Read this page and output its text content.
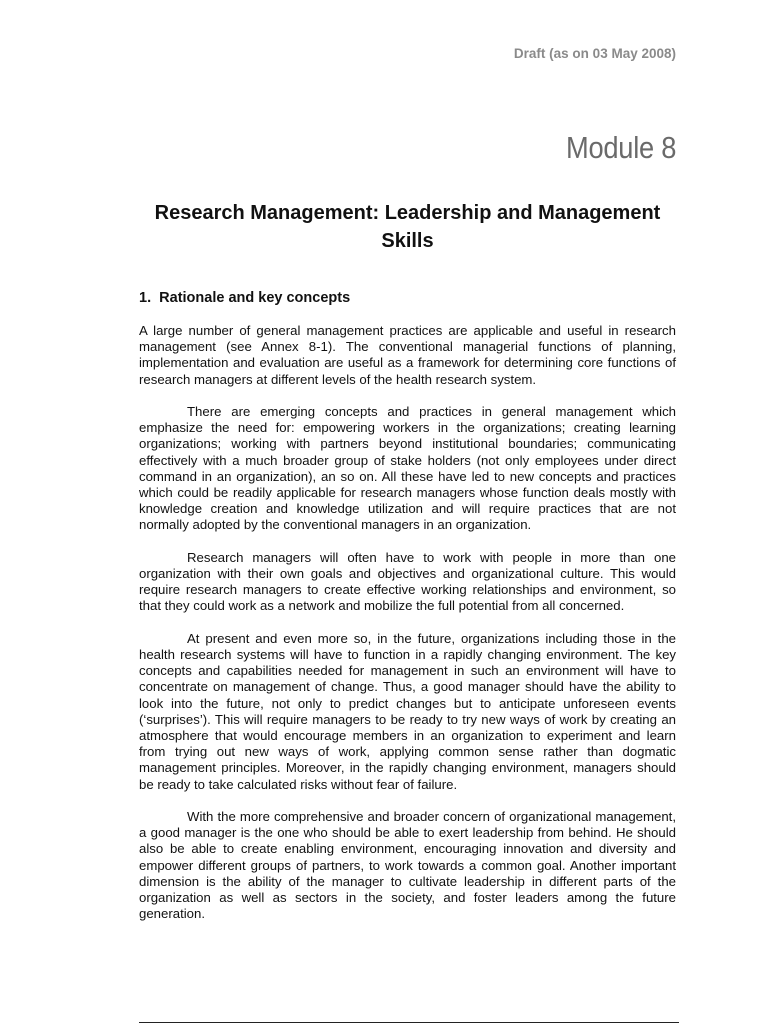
Draft (as on 03 May 2008)
Module 8
Research Management: Leadership and Management Skills
1. Rationale and key concepts

A large number of general management practices are applicable and useful in research management (see Annex 8-1). The conventional managerial functions of planning, implementation and evaluation are useful as a framework for determining core functions of research managers at different levels of the health research system.

There are emerging concepts and practices in general management which emphasize the need for: empowering workers in the organizations; creating learning organizations; working with partners beyond institutional boundaries; communicating effectively with a much broader group of stake holders (not only employees under direct command in an organization), an so on. All these have led to new concepts and practices which could be readily applicable for research managers whose function deals mostly with knowledge creation and knowledge utilization and will require practices that are not normally adopted by the conventional managers in an organization.

Research managers will often have to work with people in more than one organization with their own goals and objectives and organizational culture. This would require research managers to create effective working relationships and environment, so that they could work as a network and mobilize the full potential from all concerned.

At present and even more so, in the future, organizations including those in the health research systems will have to function in a rapidly changing environment. The key concepts and capabilities needed for management in such an environment will have to concentrate on management of change. Thus, a good manager should have the ability to look into the future, not only to predict changes but to anticipate unforeseen events (‘surprises’). This will require managers to be ready to try new ways of work by creating an atmosphere that would encourage members in an organization to experiment and learn from trying out new ways of work, applying common sense rather than dogmatic management principles. Moreover, in the rapidly changing environment, managers should be ready to take calculated risks without fear of failure.

With the more comprehensive and broader concern of organizational management, a good manager is the one who should be able to exert leadership from behind. He should also be able to create enabling environment, encouraging innovation and diversity and empower different groups of partners, to work towards a common goal. Another important dimension is the ability of the manager to cultivate leadership in different parts of the organization as well as sectors in the society, and foster leaders among the future generation.
